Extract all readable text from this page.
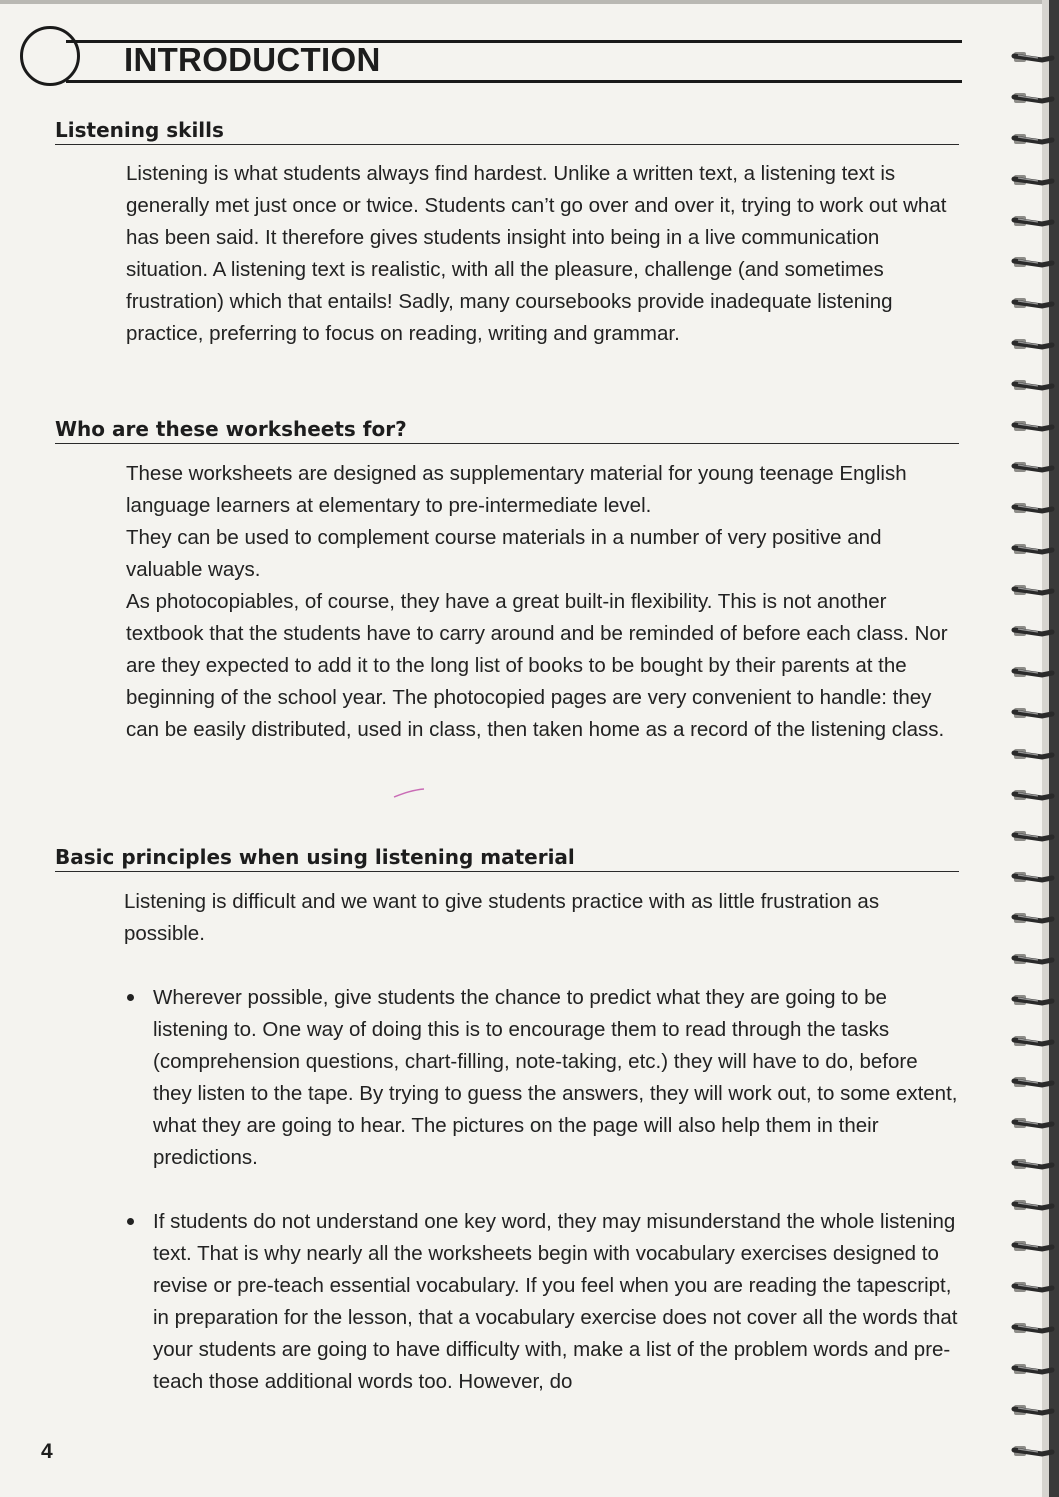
INTRODUCTION
Listening skills

Listening is what students always find hardest. Unlike a written text, a listening text is generally met just once or twice. Students can’t go over and over it, trying to work out what has been said. It therefore gives students insight into being in a live communication situation. A listening text is realistic, with all the pleasure, challenge (and sometimes frustration) which that entails! Sadly, many coursebooks provide inadequate listening practice, preferring to focus on reading, writing and grammar.

Who are these worksheets for?

These worksheets are designed as supplementary material for young teenage English language learners at elementary to pre-intermediate level.

They can be used to complement course materials in a number of very positive and valuable ways.

As photocopiables, of course, they have a great built-in flexibility. This is not another textbook that the students have to carry around and be reminded of before each class. Nor are they expected to add it to the long list of books to be bought by their parents at the beginning of the school year. The photocopied pages are very convenient to handle: they can be easily distributed, used in class, then taken home as a record of the listening class.

Basic principles when using listening material

Listening is difficult and we want to give students practice with as little frustration as possible.

Wherever possible, give students the chance to predict what they are going to be listening to. One way of doing this is to encourage them to read through the tasks (comprehension questions, chart-filling, note-taking, etc.) they will have to do, before they listen to the tape. By trying to guess the answers, they will work out, to some extent, what they are going to hear. The pictures on the page will also help them in their predictions.

If students do not understand one key word, they may misunderstand the whole listening text. That is why nearly all the worksheets begin with vocabulary exercises designed to revise or pre-teach essential vocabulary. If you feel when you are reading the tapescript, in preparation for the lesson, that a vocabulary exercise does not cover all the words that your students are going to have difficulty with, make a list of the problem words and pre-teach those additional words too. However, do

4
